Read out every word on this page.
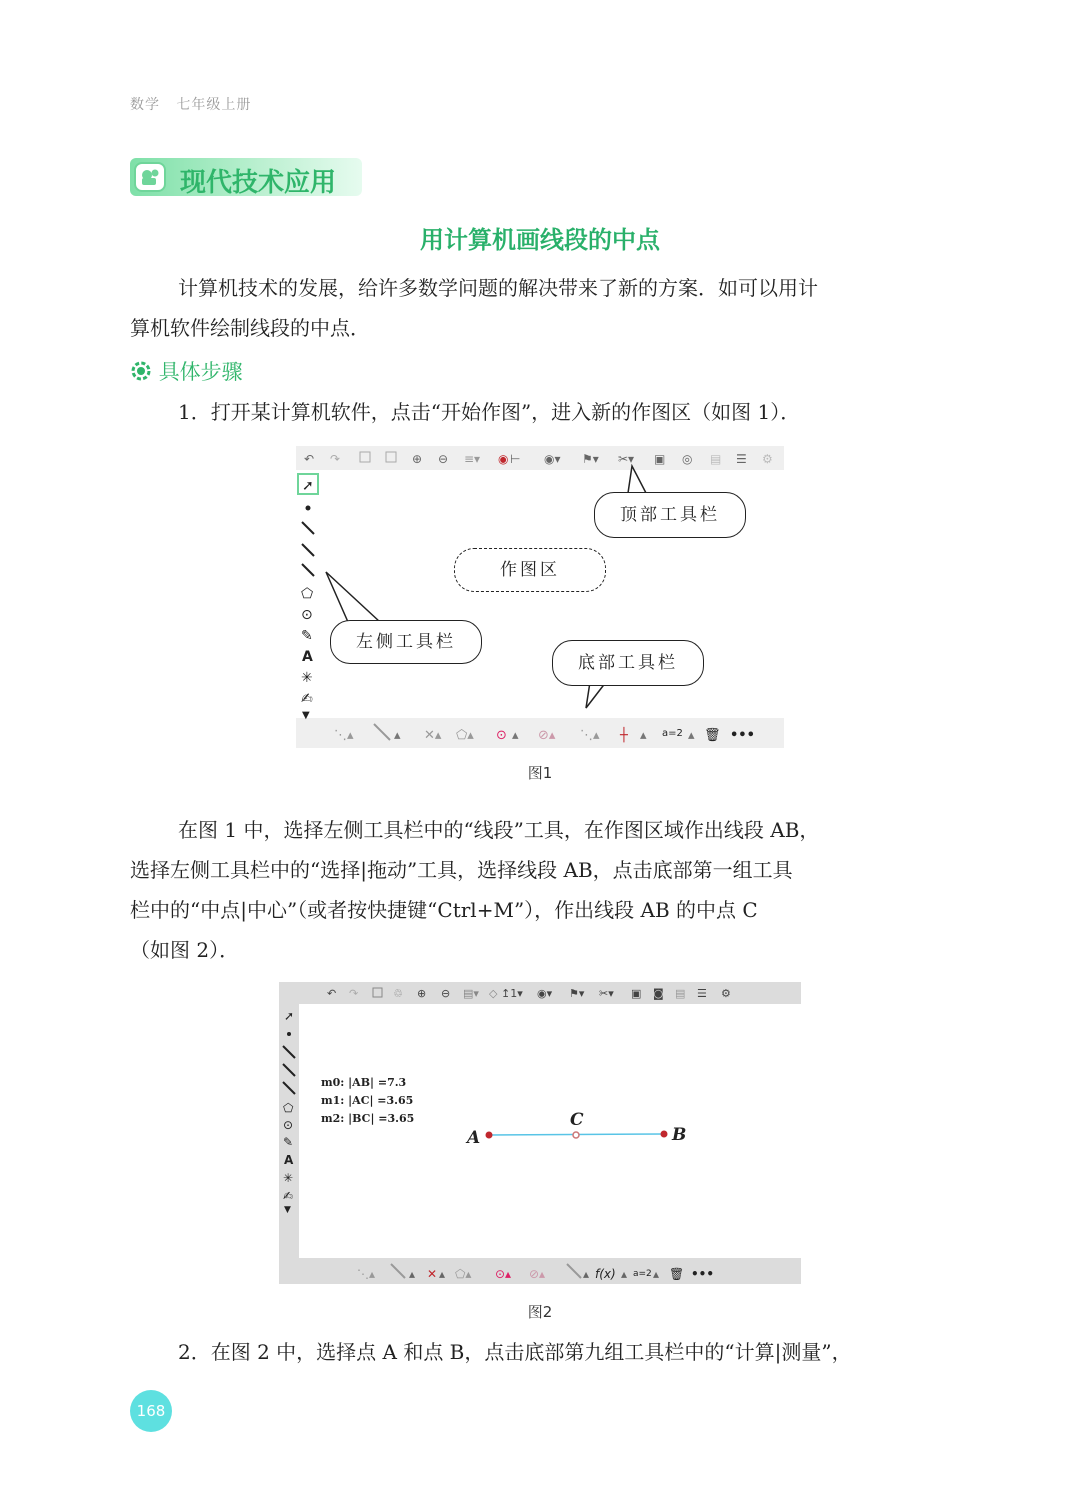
数学 七年级上册
现代技术应用
用计算机画线段的中点
计算机技术的发展，给许多数学问题的解决带来了新的方案．如可以用计
算机软件绘制线段的中点．
具体步骤
1．打开某计算机软件，点击“开始作图”，进入新的作图区（如图 1）．
↶ ↷	⊕ ⊖ ≡▾ ◉ ⊢ ◉▾ ⚑▾ ✂▾ ▣ ◎ ▤ ☰ ⚙
➚
⬠
⊙
✎
A
✳
✍
▼
⋱▴	▴ ✕▴ ⬠▴ ⊙ ▴ ⊘▴ ⋱▴ ┼ ▴ a=2 ▴ 🗑 •••
顶部工具栏
作图区
左侧工具栏
底部工具栏
图1
在图 1 中，选择左侧工具栏中的“线段”工具，在作图区域作出线段 AB，
选择左侧工具栏中的“选择|拖动”工具，选择线段 AB，点击底部第一组工具
栏中的“中点|中心”（或者按快捷键“Ctrl+M”），作出线段 AB 的中点 C
（如图 2）．
↶ ↷	♲ ⊕ ⊖ ▤▾ ◇ ↥1▾ ◉▾ ⚑▾ ✂▾ ▣ ◙ ▤ ☰ ⚙
➚
⬠
⊙
✎
A
✳
✍
▼
⋱▴	▴ ✕ ▴ ⬠▴ ⊙▴ ⊘▴	▴ f(x) ▴ a=2 ▴ 🗑 •••
m0: |AB| =7.3
m1: |AC| =3.65
m2: |BC| =3.65
A	B
C
图2
2．在图 2 中，选择点 A 和点 B，点击底部第九组工具栏中的“计算|测量”，
168
